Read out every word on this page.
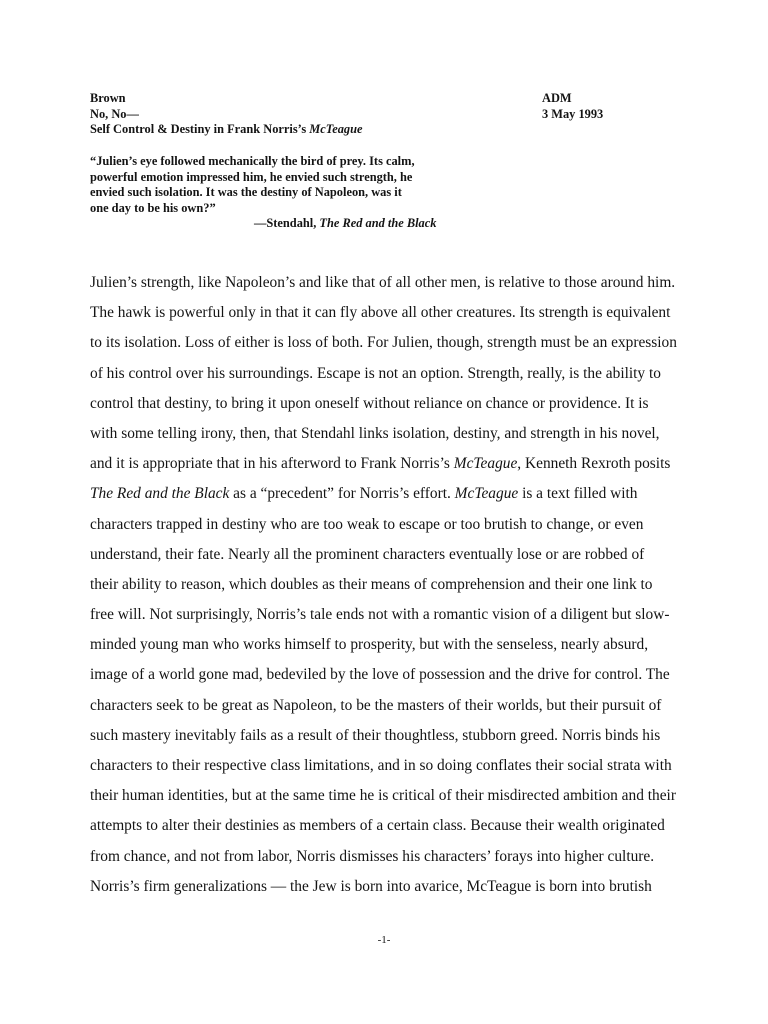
Brown
No, No—
Self Control & Destiny in Frank Norris’s McTeague
ADM
3 May 1993
“Julien’s eye followed mechanically the bird of prey. Its calm,
powerful emotion impressed him, he envied such strength, he
envied such isolation. It was the destiny of Napoleon, was it
one day to be his own?”
—Stendahl, The Red and the Black
Julien’s strength, like Napoleon’s and like that of all other men, is relative to those around him.
The hawk is powerful only in that it can fly above all other creatures. Its strength is equivalent
to its isolation. Loss of either is loss of both. For Julien, though, strength must be an expression
of his control over his surroundings. Escape is not an option. Strength, really, is the ability to
control that destiny, to bring it upon oneself without reliance on chance or providence. It is
with some telling irony, then, that Stendahl links isolation, destiny, and strength in his novel,
and it is appropriate that in his afterword to Frank Norris’s McTeague, Kenneth Rexroth posits
The Red and the Black as a “precedent” for Norris’s effort. McTeague is a text filled with
characters trapped in destiny who are too weak to escape or too brutish to change, or even
understand, their fate. Nearly all the prominent characters eventually lose or are robbed of
their ability to reason, which doubles as their means of comprehension and their one link to
free will. Not surprisingly, Norris’s tale ends not with a romantic vision of a diligent but slow-
minded young man who works himself to prosperity, but with the senseless, nearly absurd,
image of a world gone mad, bedeviled by the love of possession and the drive for control. The
characters seek to be great as Napoleon, to be the masters of their worlds, but their pursuit of
such mastery inevitably fails as a result of their thoughtless, stubborn greed. Norris binds his
characters to their respective class limitations, and in so doing conflates their social strata with
their human identities, but at the same time he is critical of their misdirected ambition and their
attempts to alter their destinies as members of a certain class. Because their wealth originated
from chance, and not from labor, Norris dismisses his characters’ forays into higher culture.
Norris’s firm generalizations — the Jew is born into avarice, McTeague is born into brutish
-1-
